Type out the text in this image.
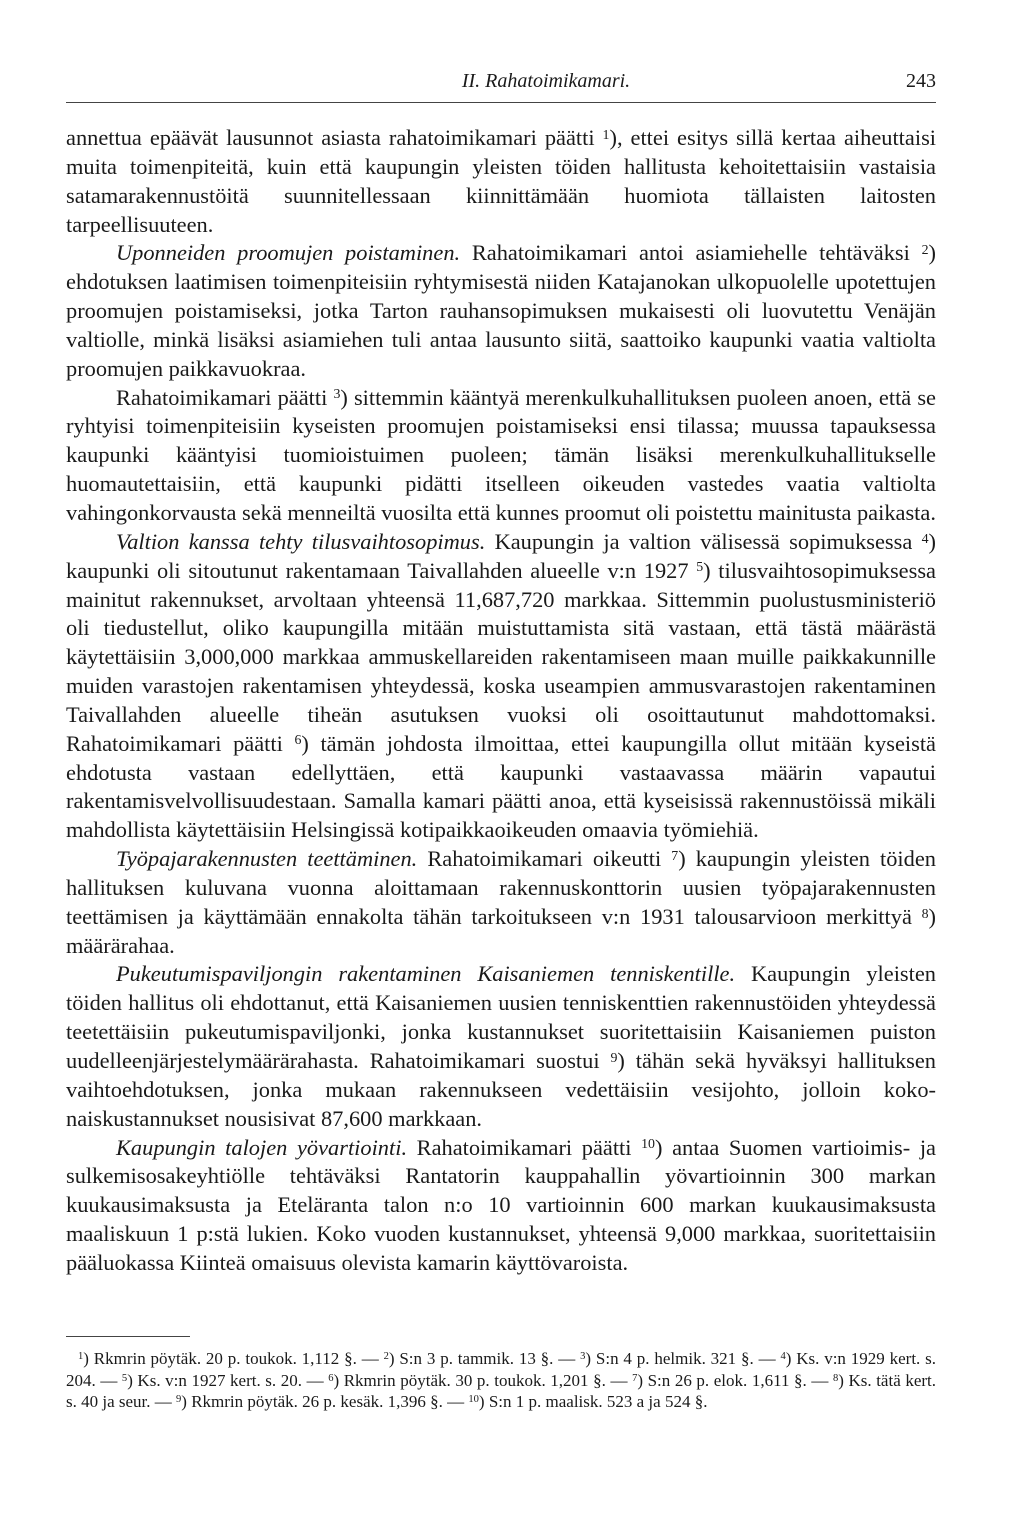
II. Rahatoimikamari.	243

annettua epäävät lausunnot asiasta rahatoimikamari päätti $^1$), ettei esitys sillä kertaa aiheuttaisi muita toimenpiteitä, kuin että kaupungin yleisten töiden hallitusta kehoitettaisiin vastaisia satamarakennustöitä suunnitellessaan kiinnittämään huomiota tällaisten laitosten tarpeellisuuteen.

Uponneiden proomujen poistaminen. Rahatoimikamari antoi asiamiehelle tehtäväksi $^2$) ehdotuksen laatimisen toimenpiteisiin ryhtymisestä niiden Katajanokan ulkopuolelle upotettujen proomujen poistamiseksi, jotka Tarton rauhansopimuksen mukaisesti oli luovutettu Venäjän valtiolle, minkä lisäksi asiamiehen tuli antaa lausunto siitä, saattoiko kaupunki vaatia valtiolta proomujen paikkavuokraa.

Rahatoimikamari päätti $^3$) sittemmin kääntyä merenkulkuhallituksen puoleen anoen, että se ryhtyisi toimenpiteisiin kyseisten proomujen poistamiseksi ensi tilassa; muussa tapauksessa kaupunki kääntyisi tuomioistuimen puoleen; tämän lisäksi merenkulkuhallitukselle huomautettaisiin, että kaupunki pidätti itselleen oikeuden vastedes vaatia valtiolta vahingonkorvausta sekä menneiltä vuosilta että kunnes proomut oli poistettu mainitusta paikasta.

Valtion kanssa tehty tilusvaihtosopimus. Kaupungin ja valtion välisessä sopimuksessa $^4$) kaupunki oli sitoutunut rakentamaan Taivallahden alueelle v:n 1927 $^5$) tilusvaihtosopimuksessa mainitut rakennukset, arvoltaan yhteensä 11,687,720 markkaa. Sittemmin puolustusministeriö oli tiedustellut, oliko kaupungilla mitään muistuttamista sitä vastaan, että tästä määrästä käytettäisiin 3,000,000 markkaa ammuskellareiden rakentamiseen maan muille paikkakunnille muiden varastojen rakentamisen yhteydessä, koska useampien ammusvarastojen rakentaminen Taivallahden alueelle tiheän asutuksen vuoksi oli osoittautunut mahdottomaksi. Rahatoimikamari päätti $^6$) tämän johdosta ilmoittaa, ettei kaupungilla ollut mitään kyseistä ehdotusta vastaan edellyttäen, että kaupunki vastaavassa määrin vapautui rakentamisvelvollisuudestaan. Samalla kamari päätti anoa, että kyseisissä rakennustöissä mikäli mahdollista käytettäisiin Helsingissä kotipaikkaoikeuden omaavia työmiehiä.

Työpajarakennusten teettäminen. Rahatoimikamari oikeutti $^7$) kaupungin yleisten töiden hallituksen kuluvana vuonna aloittamaan rakennuskonttorin uusien työpajarakennusten teettämisen ja käyttämään ennakolta tähän tarkoitukseen v:n 1931 talousarvioon merkittyä $^8$) määrärahaa.

Pukeutumispaviljongin rakentaminen Kaisaniemen tenniskentille. Kaupungin yleisten töiden hallitus oli ehdottanut, että Kaisaniemen uusien tenniskenttien rakennustöiden yhteydessä teetettäisiin pukeutumispaviljonki, jonka kustannukset suoritettaisiin Kaisaniemen puiston uudelleenjärjestelymäärärahasta. Rahatoimikamari suostui $^9$) tähän sekä hyväksyi hallituksen vaihtoehdotuksen, jonka mukaan rakennukseen vedettäisiin vesijohto, jolloin kokonaiskustannukset nousisivat 87,600 markkaan.

Kaupungin talojen yövartiointi. Rahatoimikamari päätti $^{10}$) antaa Suomen vartioimis- ja sulkemisosakeyhtiölle tehtäväksi Rantatorin kauppahallin yövartioinnin 300 markan kuukausimaksusta ja Eteläranta talon n:o 10 vartioinnin 600 markan kuukausimaksusta maaliskuun 1 p:stä lukien. Koko vuoden kustannukset, yhteensä 9,000 markkaa, suoritettaisiin pääluokassa Kiinteä omaisuus olevista kamarin käyttövaroista.

$^1$) Rkmrin pöytäk. 20 p. toukok. 1,112 §. — $^2$) S:n 3 p. tammik. 13 §. — $^3$) S:n 4 p. helmik. 321 §. — $^4$) Ks. v:n 1929 kert. s. 204. — $^5$) Ks. v:n 1927 kert. s. 20. — $^6$) Rkmrin pöytäk. 30 p. toukok. 1,201 §. — $^7$) S:n 26 p. elok. 1,611 §. — $^8$) Ks. tätä kert. s. 40 ja seur. — $^9$) Rkmrin pöytäk. 26 p. kesäk. 1,396 §. — $^{10}$) S:n 1 p. maalisk. 523 a ja 524 §.
